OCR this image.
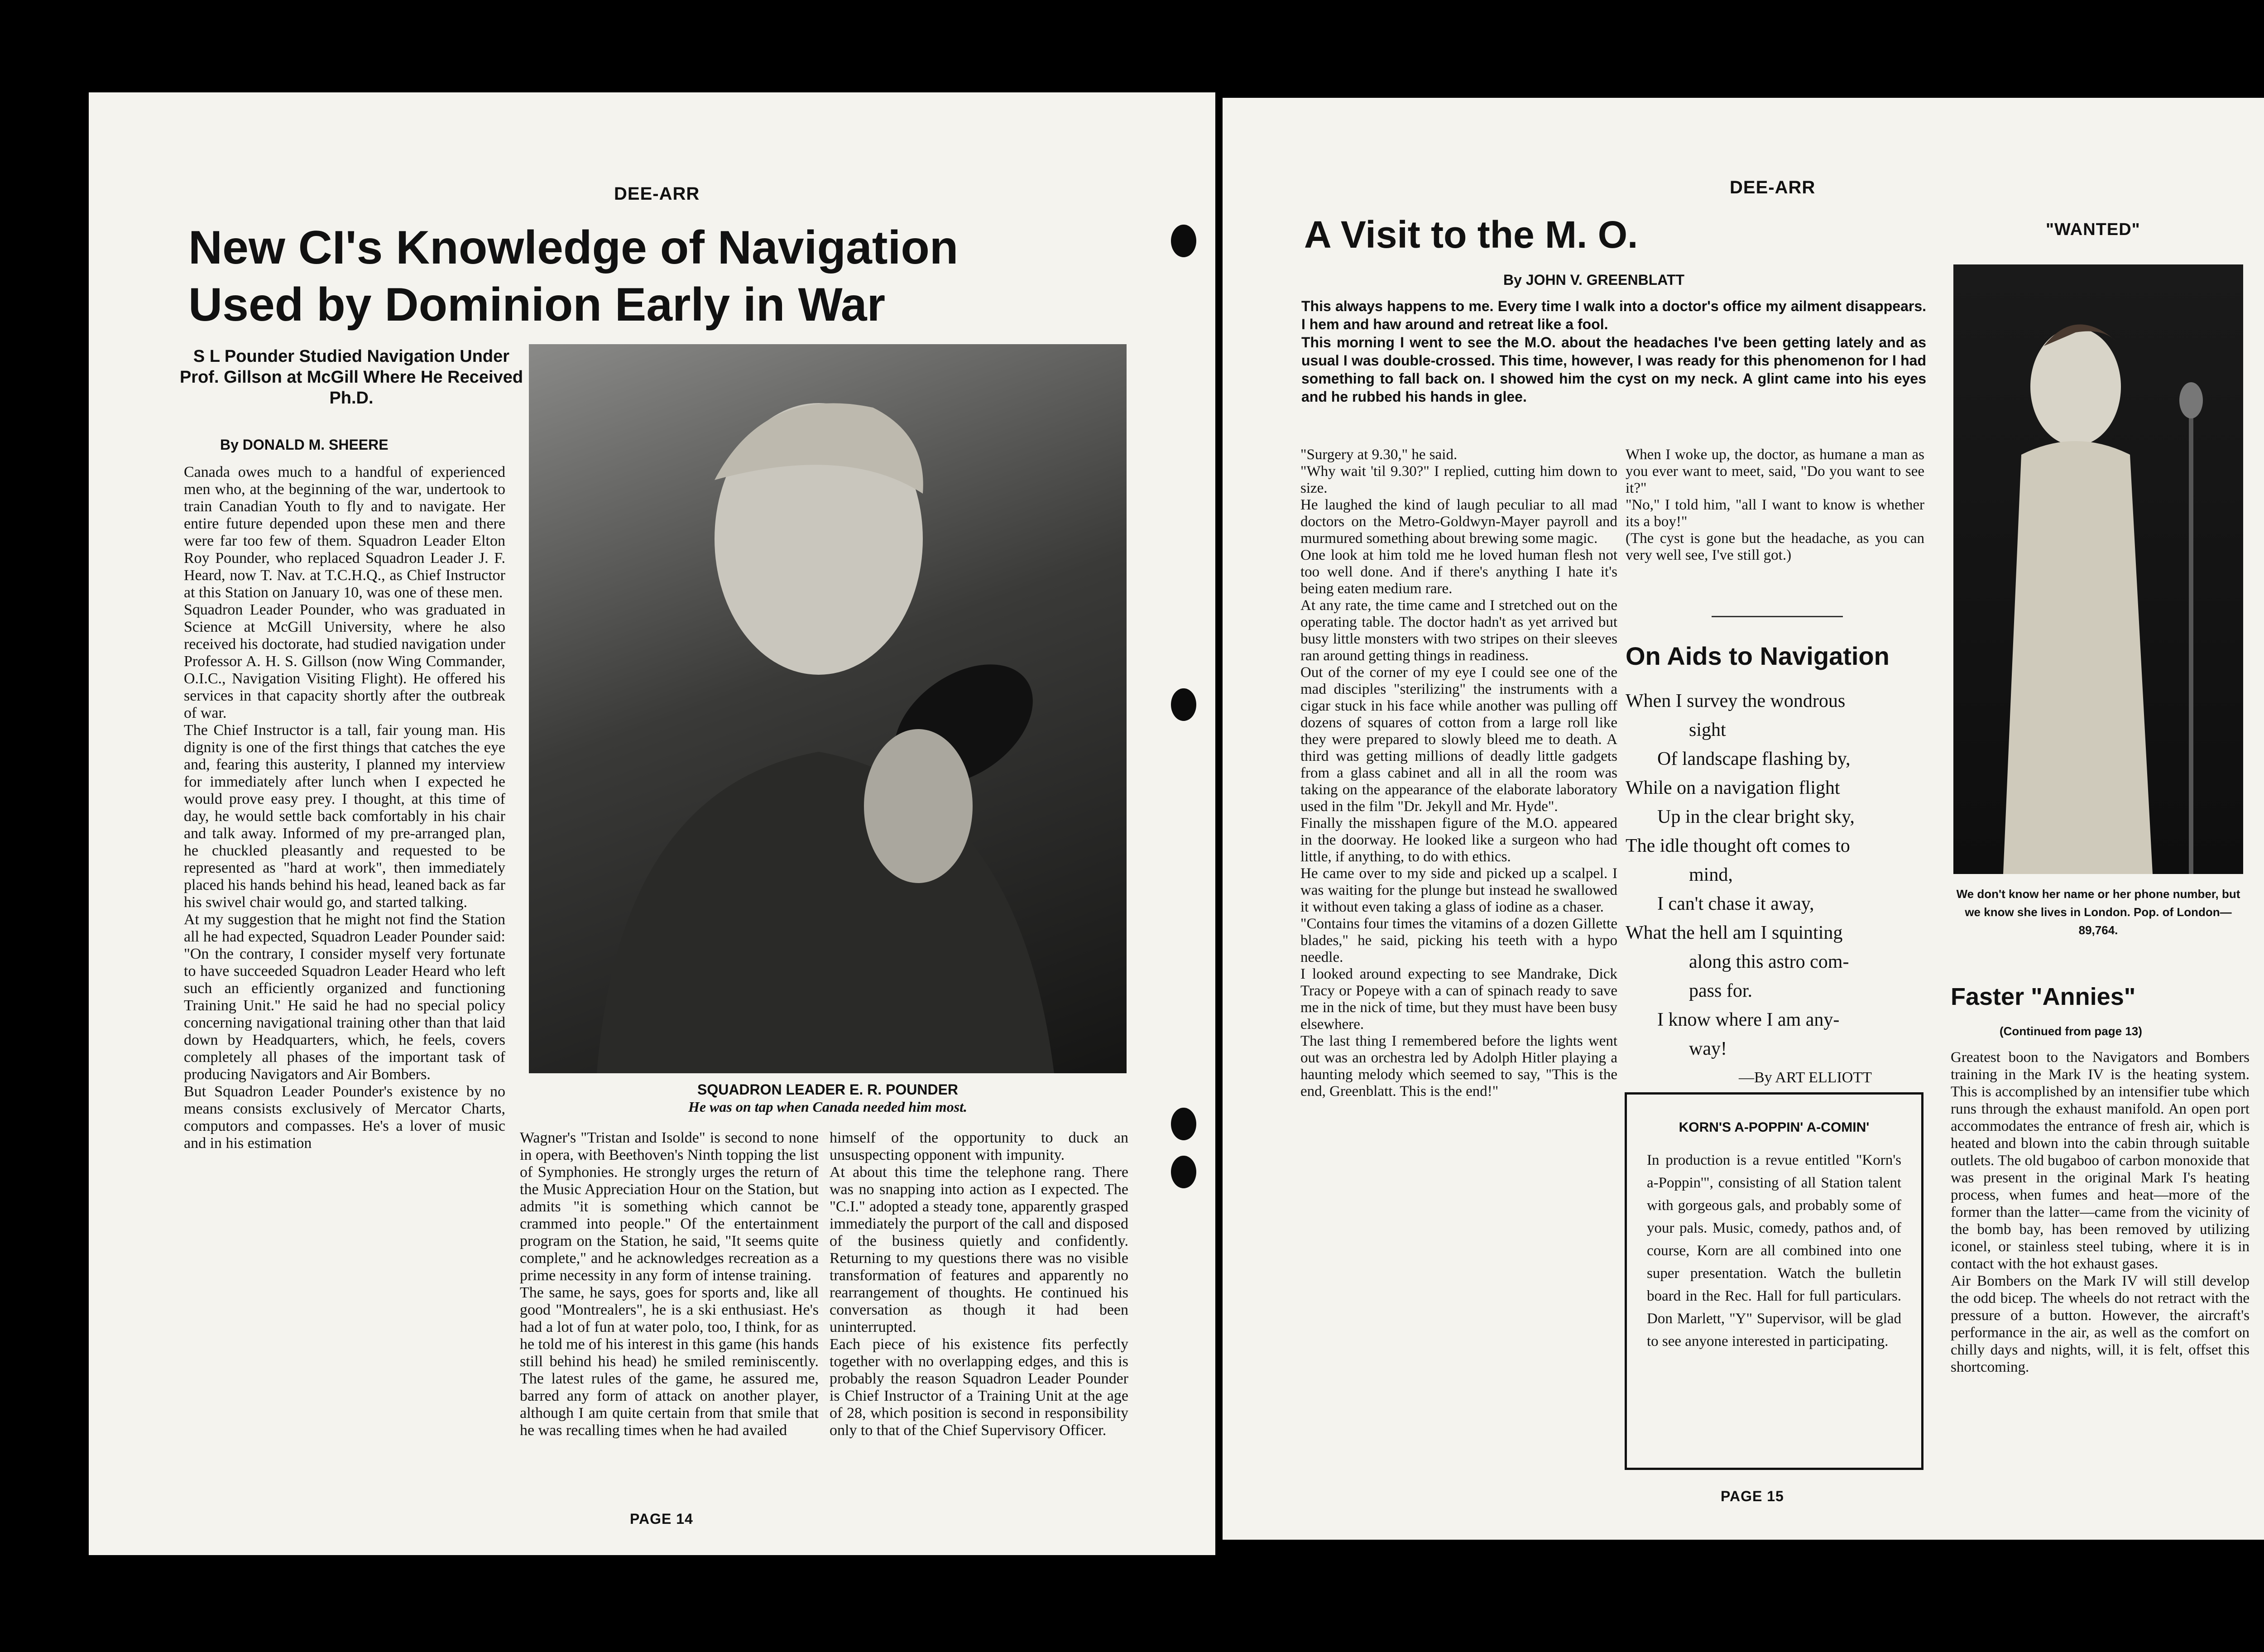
DEE-ARR
New CI's Knowledge of Navigation
Used by Dominion Early in War
S L Pounder Studied Navigation Under Prof. Gillson at McGill Where He Received Ph.D.
By DONALD M. SHEERE
Canada owes much to a handful of experienced men who, at the beginning of the war, undertook to train Canadian Youth to fly and to navigate. Her entire future depended upon these men and there were far too few of them. Squadron Leader Elton Roy Pounder, who replaced Squadron Leader J. F. Heard, now T. Nav. at T.C.H.Q., as Chief Instructor at this Station on January 10, was one of these men.
Squadron Leader Pounder, who was graduated in Science at McGill University, where he also received his doctorate, had studied navigation under Professor A. H. S. Gillson (now Wing Commander, O.I.C., Navigation Visiting Flight). He offered his services in that capacity shortly after the outbreak of war.
The Chief Instructor is a tall, fair young man. His dignity is one of the first things that catches the eye and, fearing this austerity, I planned my interview for immediately after lunch when I expected he would prove easy prey. I thought, at this time of day, he would settle back comfortably in his chair and talk away. Informed of my pre-arranged plan, he chuckled pleasantly and requested to be represented as "hard at work", then immediately placed his hands behind his head, leaned back as far his swivel chair would go, and started talking.
At my suggestion that he might not find the Station all he had expected, Squadron Leader Pounder said: "On the contrary, I consider myself very fortunate to have succeeded Squadron Leader Heard who left such an efficiently organized and functioning Training Unit." He said he had no special policy concerning navigational training other than that laid down by Headquarters, which, he feels, covers completely all phases of the important task of producing Navigators and Air Bombers.
But Squadron Leader Pounder's existence by no means consists exclusively of Mercator Charts, computors and compasses. He's a lover of music and in his estimation
SQUADRON LEADER E. R. POUNDER
He was on tap when Canada needed him most.
Wagner's "Tristan and Isolde" is second to none in opera, with Beethoven's Ninth topping the list of Symphonies. He strongly urges the return of the Music Appreciation Hour on the Station, but admits "it is something which cannot be crammed into people." Of the entertainment program on the Station, he said, "It seems quite complete," and he acknowledges recreation as a prime necessity in any form of intense training.
The same, he says, goes for sports and, like all good "Montrealers", he is a ski enthusiast. He's had a lot of fun at water polo, too, I think, for as he told me of his interest in this game (his hands still behind his head) he smiled reminiscently. The latest rules of the game, he assured me, barred any form of attack on another player, although I am quite certain from that smile that he was recalling times when he had availed
himself of the opportunity to duck an unsuspecting opponent with impunity.
At about this time the telephone rang. There was no snapping into action as I expected. The "C.I." adopted a steady tone, apparently grasped immediately the purport of the call and disposed of the business quietly and confidently. Returning to my questions there was no visible transformation of features and apparently no rearrangement of thoughts. He continued his conversation as though it had been uninterrupted.
Each piece of his existence fits perfectly together with no overlapping edges, and this is probably the reason Squadron Leader Pounder is Chief Instructor of a Training Unit at the age of 28, which position is second in responsibility only to that of the Chief Supervisory Officer.
PAGE 14
DEE-ARR
A Visit to the M. O.
By JOHN V. GREENBLATT
This always happens to me. Every time I walk into a doctor's office my ailment disappears. I hem and haw around and retreat like a fool.
This morning I went to see the M.O. about the headaches I've been getting lately and as usual I was double-crossed. This time, however, I was ready for this phenomenon for I had something to fall back on. I showed him the cyst on my neck. A glint came into his eyes and he rubbed his hands in glee.
"Surgery at 9.30," he said.
"Why wait 'til 9.30?" I replied, cutting him down to size.
He laughed the kind of laugh peculiar to all mad doctors on the Metro-Goldwyn-Mayer payroll and murmured something about brewing some magic.
One look at him told me he loved human flesh not too well done. And if there's anything I hate it's being eaten medium rare.
At any rate, the time came and I stretched out on the operating table. The doctor hadn't as yet arrived but busy little monsters with two stripes on their sleeves ran around getting things in readiness.
Out of the corner of my eye I could see one of the mad disciples "sterilizing" the instruments with a cigar stuck in his face while another was pulling off dozens of squares of cotton from a large roll like they were prepared to slowly bleed me to death. A third was getting millions of deadly little gadgets from a glass cabinet and all in all the room was taking on the appearance of the elaborate laboratory used in the film "Dr. Jekyll and Mr. Hyde".
Finally the misshapen figure of the M.O. appeared in the doorway. He looked like a surgeon who had little, if anything, to do with ethics.
He came over to my side and picked up a scalpel. I was waiting for the plunge but instead he swallowed it without even taking a glass of iodine as a chaser.
"Contains four times the vitamins of a dozen Gillette blades," he said, picking his teeth with a hypo needle.
I looked around expecting to see Mandrake, Dick Tracy or Popeye with a can of spinach ready to save me in the nick of time, but they must have been busy elsewhere.
The last thing I remembered before the lights went out was an orchestra led by Adolph Hitler playing a haunting melody which seemed to say, "This is the end, Greenblatt. This is the end!"
When I woke up, the doctor, as humane a man as you ever want to meet, said, "Do you want to see it?"
"No," I told him, "all I want to know is whether its a boy!"
(The cyst is gone but the headache, as you can very well see, I've still got.)
On Aids to Navigation
When I survey the wondrous
sight
Of landscape flashing by,
While on a navigation flight
Up in the clear bright sky,
The idle thought oft comes to
mind,
I can't chase it away,
What the hell am I squinting
along this astro com-
pass for.
I know where I am any-
way!
—By ART ELLIOTT
KORN'S A-POPPIN' A-COMIN'
In production is a revue entitled "Korn's a-Poppin'", consisting of all Station talent with gorgeous gals, and probably some of your pals. Music, comedy, pathos and, of course, Korn are all combined into one super presentation. Watch the bulletin board in the Rec. Hall for full particulars. Don Marlett, "Y" Supervisor, will be glad to see anyone interested in participating.
PAGE 15
"WANTED"
We don't know her name or her phone number, but we know she lives in London. Pop. of London—89,764.
Faster "Annies"
(Continued from page 13)
Greatest boon to the Navigators and Bombers training in the Mark IV is the heating system. This is accomplished by an intensifier tube which runs through the exhaust manifold. An open port accommodates the entrance of fresh air, which is heated and blown into the cabin through suitable outlets. The old bugaboo of carbon monoxide that was present in the original Mark I's heating process, when fumes and heat—more of the former than the latter—came from the vicinity of the bomb bay, has been removed by utilizing iconel, or stainless steel tubing, where it is in contact with the hot exhaust gases.
Air Bombers on the Mark IV will still develop the odd bicep. The wheels do not retract with the pressure of a button. However, the aircraft's performance in the air, as well as the comfort on chilly days and nights, will, it is felt, offset this shortcoming.
